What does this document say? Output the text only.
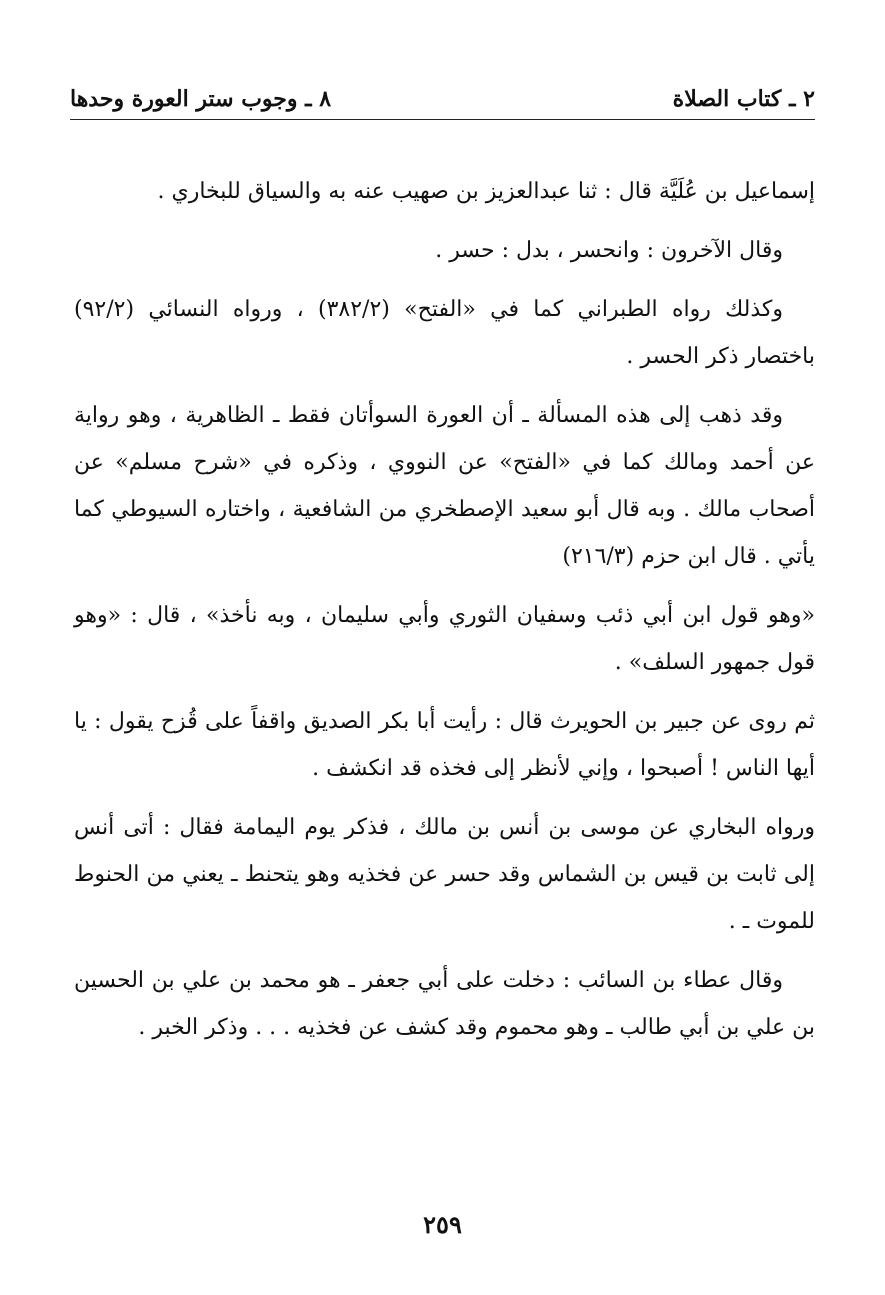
٢ ـ كتاب الصلاة
٨ ـ وجوب ستر العورة وحدها

إسماعيل بن عُلَيَّة قال : ثنا عبدالعزيز بن صهيب عنه به والسياق للبخاري .

وقال الآخرون : وانحسر ، بدل : حسر .

وكذلك رواه الطبراني كما في «الفتح» (٣٨٢/٢) ، ورواه النسائي (٩٢/٢) باختصار ذكر الحسر .

وقد ذهب إلى هذه المسألة ـ أن العورة السوأتان فقط ـ الظاهرية ، وهو رواية عن أحمد ومالك كما في «الفتح» عن النووي ، وذكره في «شرح مسلم» عن أصحاب مالك . وبه قال أبو سعيد الإصطخري من الشافعية ، واختاره السيوطي كما يأتي . قال ابن حزم (٢١٦/٣)

«وهو قول ابن أبي ذئب وسفيان الثوري وأبي سليمان ، وبه نأخذ» ، قال : «وهو قول جمهور السلف» .

ثم روى عن جبير بن الحويرث قال : رأيت أبا بكر الصديق واقفاً على قُزح يقول : يا أيها الناس ! أصبحوا ، وإني لأنظر إلى فخذه قد انكشف .

ورواه البخاري عن موسى بن أنس بن مالك ، فذكر يوم اليمامة فقال : أتى أنس إلى ثابت بن قيس بن الشماس وقد حسر عن فخذيه وهو يتحنط ـ يعني من الحنوط للموت ـ .

وقال عطاء بن السائب : دخلت على أبي جعفر ـ هو محمد بن علي بن الحسين بن علي بن أبي طالب ـ وهو محموم وقد كشف عن فخذيه . . . وذكر الخبر .

٢٥٩
